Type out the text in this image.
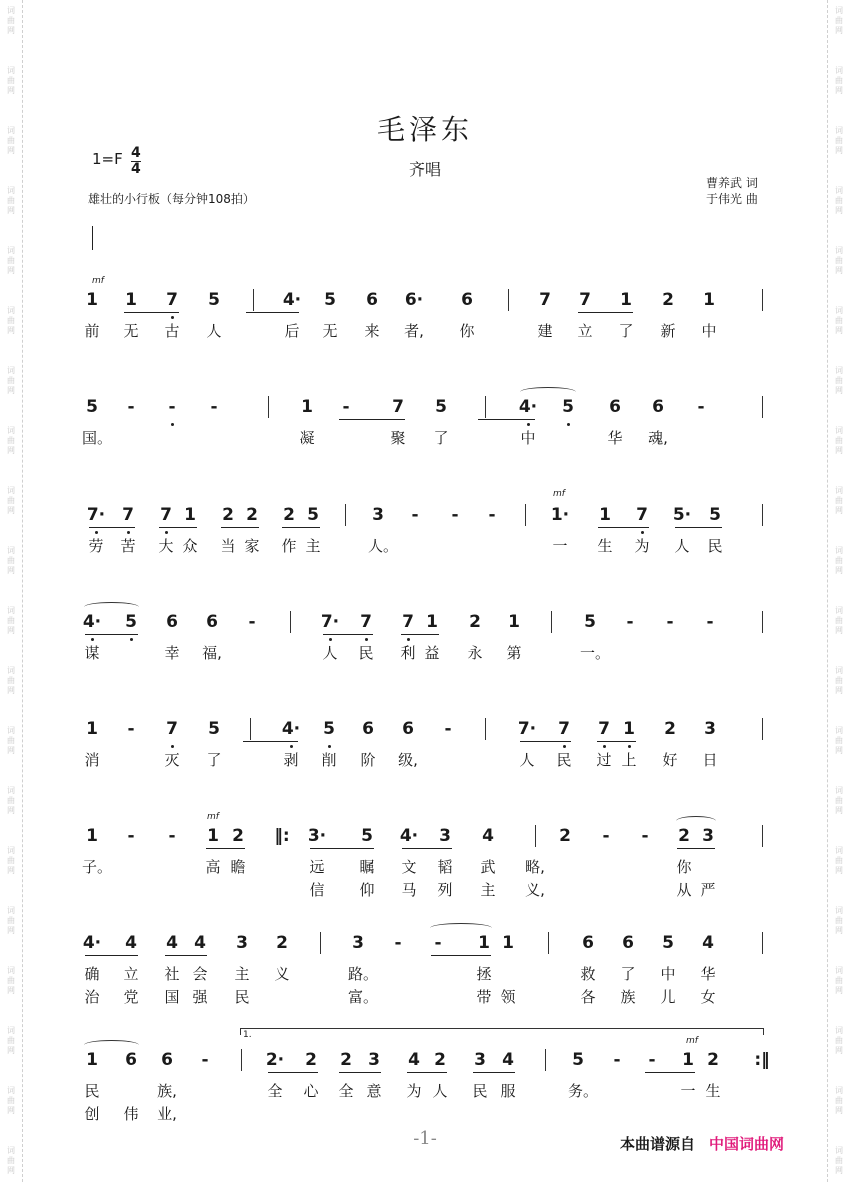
毛泽东
1=F 4
4	齐唱
雄壮的小行板（每分钟108拍）
曹养武 词
于伟光 曲
-1-	本曲谱源自 中国词曲网
词
曲
网
词
曲
网
词
曲
网
词
曲
网
词
曲
网
词
曲
网
词
曲
网
词
曲
网
词
曲
网
词
曲
网
词
曲
网
词
曲
网
词
曲
网
词
曲
网
词
曲
网
词
曲
网
词
曲
网
词
曲
网
词
曲
网
词
曲
网
词
曲
网
词
曲
网
词
曲
网
词
曲
网
词
曲
网
词
曲
网
词
曲
网
词
曲
网
词
曲
网
词
曲
网
词
曲
网
词
曲
网
词
曲
网
词
曲
网
词
曲
网
词
曲
网
词
曲
网
词
曲
网
词
曲
网
词
曲
网
1 1 7 5	4· 5 6 6· 6	7 7 1 2 1
前 无 古 人	后 无 来 者, 你	建 立 了 新 中
5	-	-	-	1	-	7 5	4· 5 6 6	-
国。	凝	聚 了	中	华 魂,
7· 7 7 1 2 2 2 5	3	-	-	-	1· 1 7 5· 5
劳 苦 大 众 当 家 作 主	人。	一 生 为 人 民
4· 5 6 6	-	7· 7 7 1 2 1	5	-	-	-
谋	幸 福,	人 民 利 益 永 第	一。
1	-	7 5	4· 5 6 6	-	7· 7 7 1 2 3
消	灭 了	剥 削 阶 级,	人 民 过 上 好 日
1	-	-	1 2 ‖: 3· 5 4· 3 4	2	-	-	2 3
子。	高 瞻	远 瞩 文 韬 武 略,	你
信 仰 马 列 主 义,	从 严
4· 4 4 4 3 2	3	-	-	1 1	6 6 5 4
确 立 社 会 主 义	路。	拯	救 了 中 华
治 党 国 强 民	富。	带 领	各 族 儿 女
1 6 6	-	2· 2 2 3 4 2 3 4	5	-	-	1 2 :‖
民	族,	全 心 全 意 为 人 民 服	务。	一 生
创 伟 业,
mf
mf
mf
mf
1.
